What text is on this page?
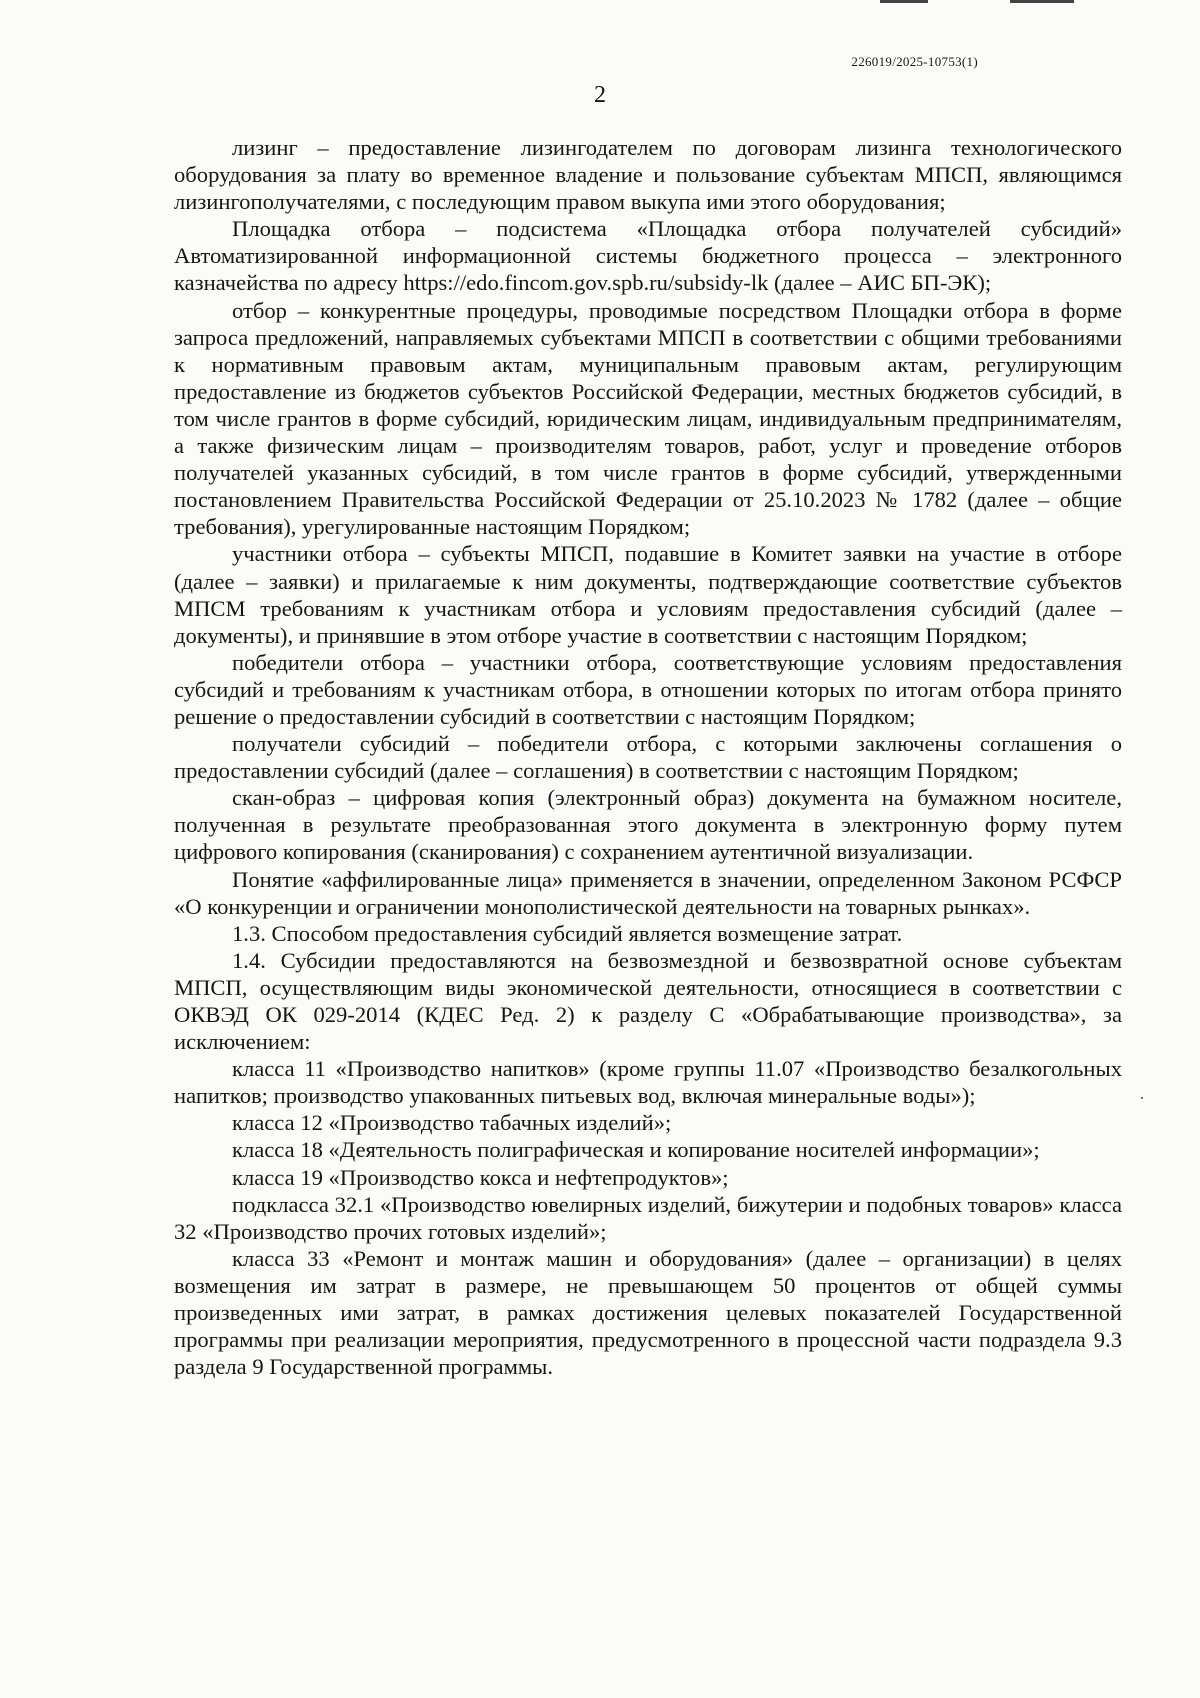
226019/2025-10753(1)
2

лизинг – предоставление лизингодателем по договорам лизинга технологического оборудования за плату во временное владение и пользование субъектам МПСП, являющимся лизингополучателями, с последующим правом выкупа ими этого оборудования;

Площадка отбора – подсистема «Площадка отбора получателей субсидий» Автоматизированной информационной системы бюджетного процесса – электронного казначейства по адресу https://edo.fincom.gov.spb.ru/subsidy-lk (далее – АИС БП-ЭК);

отбор – конкурентные процедуры, проводимые посредством Площадки отбора в форме запроса предложений, направляемых субъектами МПСП в соответствии с общими требованиями к нормативным правовым актам, муниципальным правовым актам, регулирующим предоставление из бюджетов субъектов Российской Федерации, местных бюджетов субсидий, в том числе грантов в форме субсидий, юридическим лицам, индивидуальным предпринимателям, а также физическим лицам – производителям товаров, работ, услуг и проведение отборов получателей указанных субсидий, в том числе грантов в форме субсидий, утвержденными постановлением Правительства Российской Федерации от 25.10.2023 № 1782 (далее – общие требования), урегулированные настоящим Порядком;

участники отбора – субъекты МПСП, подавшие в Комитет заявки на участие в отборе (далее – заявки) и прилагаемые к ним документы, подтверждающие соответствие субъектов МПСМ требованиям к участникам отбора и условиям предоставления субсидий (далее – документы), и принявшие в этом отборе участие в соответствии с настоящим Порядком;

победители отбора – участники отбора, соответствующие условиям предоставления субсидий и требованиям к участникам отбора, в отношении которых по итогам отбора принято решение о предоставлении субсидий в соответствии с настоящим Порядком;

получатели субсидий – победители отбора, с которыми заключены соглашения о предоставлении субсидий (далее – соглашения) в соответствии с настоящим Порядком;

скан-образ – цифровая копия (электронный образ) документа на бумажном носителе, полученная в результате преобразованная этого документа в электронную форму путем цифрового копирования (сканирования) с сохранением аутентичной визуализации.

Понятие «аффилированные лица» применяется в значении, определенном Законом РСФСР «О конкуренции и ограничении монополистической деятельности на товарных рынках».

1.3. Способом предоставления субсидий является возмещение затрат.

1.4. Субсидии предоставляются на безвозмездной и безвозвратной основе субъектам МПСП, осуществляющим виды экономической деятельности, относящиеся в соответствии с ОКВЭД ОК 029-2014 (КДЕС Ред. 2) к разделу С «Обрабатывающие производства», за исключением:

класса 11 «Производство напитков» (кроме группы 11.07 «Производство безалкогольных напитков; производство упакованных питьевых вод, включая минеральные воды»);

класса 12 «Производство табачных изделий»;

класса 18 «Деятельность полиграфическая и копирование носителей информации»;

класса 19 «Производство кокса и нефтепродуктов»;

подкласса 32.1 «Производство ювелирных изделий, бижутерии и подобных товаров» класса 32 «Производство прочих готовых изделий»;

класса 33 «Ремонт и монтаж машин и оборудования» (далее – организации) в целях возмещения им затрат в размере, не превышающем 50 процентов от общей суммы произведенных ими затрат, в рамках достижения целевых показателей Государственной программы при реализации мероприятия, предусмотренного в процессной части подраздела 9.3 раздела 9 Государственной программы.

·
